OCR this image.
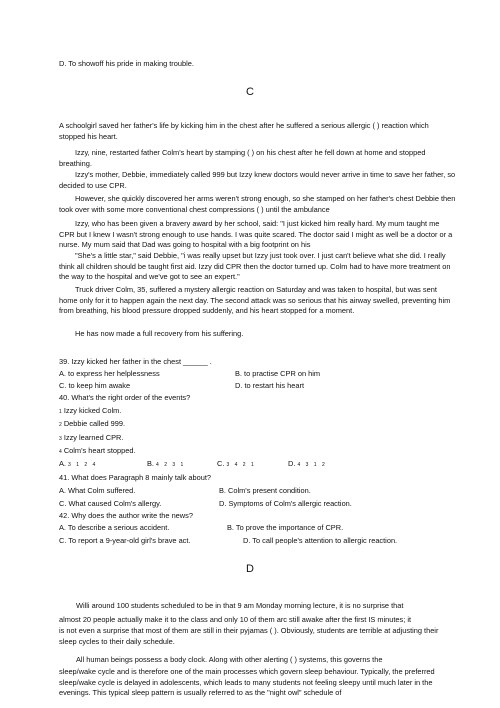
D. To showoff his pride in making trouble.
C
A schoolgirl saved her father's life by kicking him in the chest after he suffered a serious allergic ( ) reaction which stopped his heart.
Izzy, nine, restarted father Colm's heart by stamping ( ) on his chest after he fell down at home and stopped breathing.
Izzy's mother, Debbie, immediately called 999 but Izzy knew doctors would never arrive in time to save her father, so decided to use CPR.
However, she quickly discovered her arms weren't strong enough, so she stamped on her father's chest Debbie then took over with some more conventional chest compressions ( ) until the ambulance
Izzy, who has been given a bravery award by her school, said: "I just kicked him really hard. My mum taught me CPR but I knew I wasn't strong enough to use hands. I was quite scared. The doctor said I might as well be a doctor or a nurse. My mum said that Dad was going to hospital with a big footprint on his
"She's a little star," said Debbie, "i was really upset but Izzy just took over. I just can't believe what she did. I really think all children should be taught first aid. Izzy did CPR then the doctor turned up. Colm had to have more treatment on the way to the hospital and we've got to see an expert."
Truck driver Colm, 35, suffered a mystery allergic reaction on Saturday and was taken to hospital, but was sent home only for it to happen again the next day. The second attack was so serious that his airway swelled, preventing him from breathing, his blood pressure dropped suddenly, and his heart stopped for a moment.
He has now made a full recovery from his suffering.
39. Izzy kicked her father in the chest ______ .
A. to express her helplessness	B. to practise CPR on him
C. to keep him awake	D. to restart his heart
40. What's the right order of the events?
1 Izzy kicked Colm.
2 Debbie called 999.
3 Izzy learned CPR.
4 Colm's heart stopped.
A. 3 1 2 4	B. 4 2 3 1	C. 3 4 2 1	D. 4 3 1 2
41. What does Paragraph 8 mainly talk about?
A. What Colm suffered.	B. Colm's present condition.
C. What caused Colm's allergy.	D. Symptoms of Colm's allergic reaction.
42. Why does the author write the news?
A. To describe a serious accident.	B. To prove the importance of CPR.
C. To report a 9-year-old girl's brave act.	D. To call people's attention to allergic reaction.
D
Willi around 100 students scheduled to be in that 9 am Monday morning lecture, it is no surprise that
almost 20 people actually make it to the class and only 10 of them arc still awake after the first IS minutes; it
is not even a surprise that most of them are still in their pyjamas ( ). Obviously, students are terrible at adjusting their sleep cycles to their daily schedule.
All human beings possess a body clock. Along with other alerting ( ) systems, this governs the
sleep/wake cycle and is therefore one of the main processes which govern sleep behaviour. Typically, the preferred sleep/wake cycle is delayed in adolescents, which leads to many students not feeling sleepy until much later in the evenings. This typical sleep pattern is usually referred to as the "night owl" schedule of
